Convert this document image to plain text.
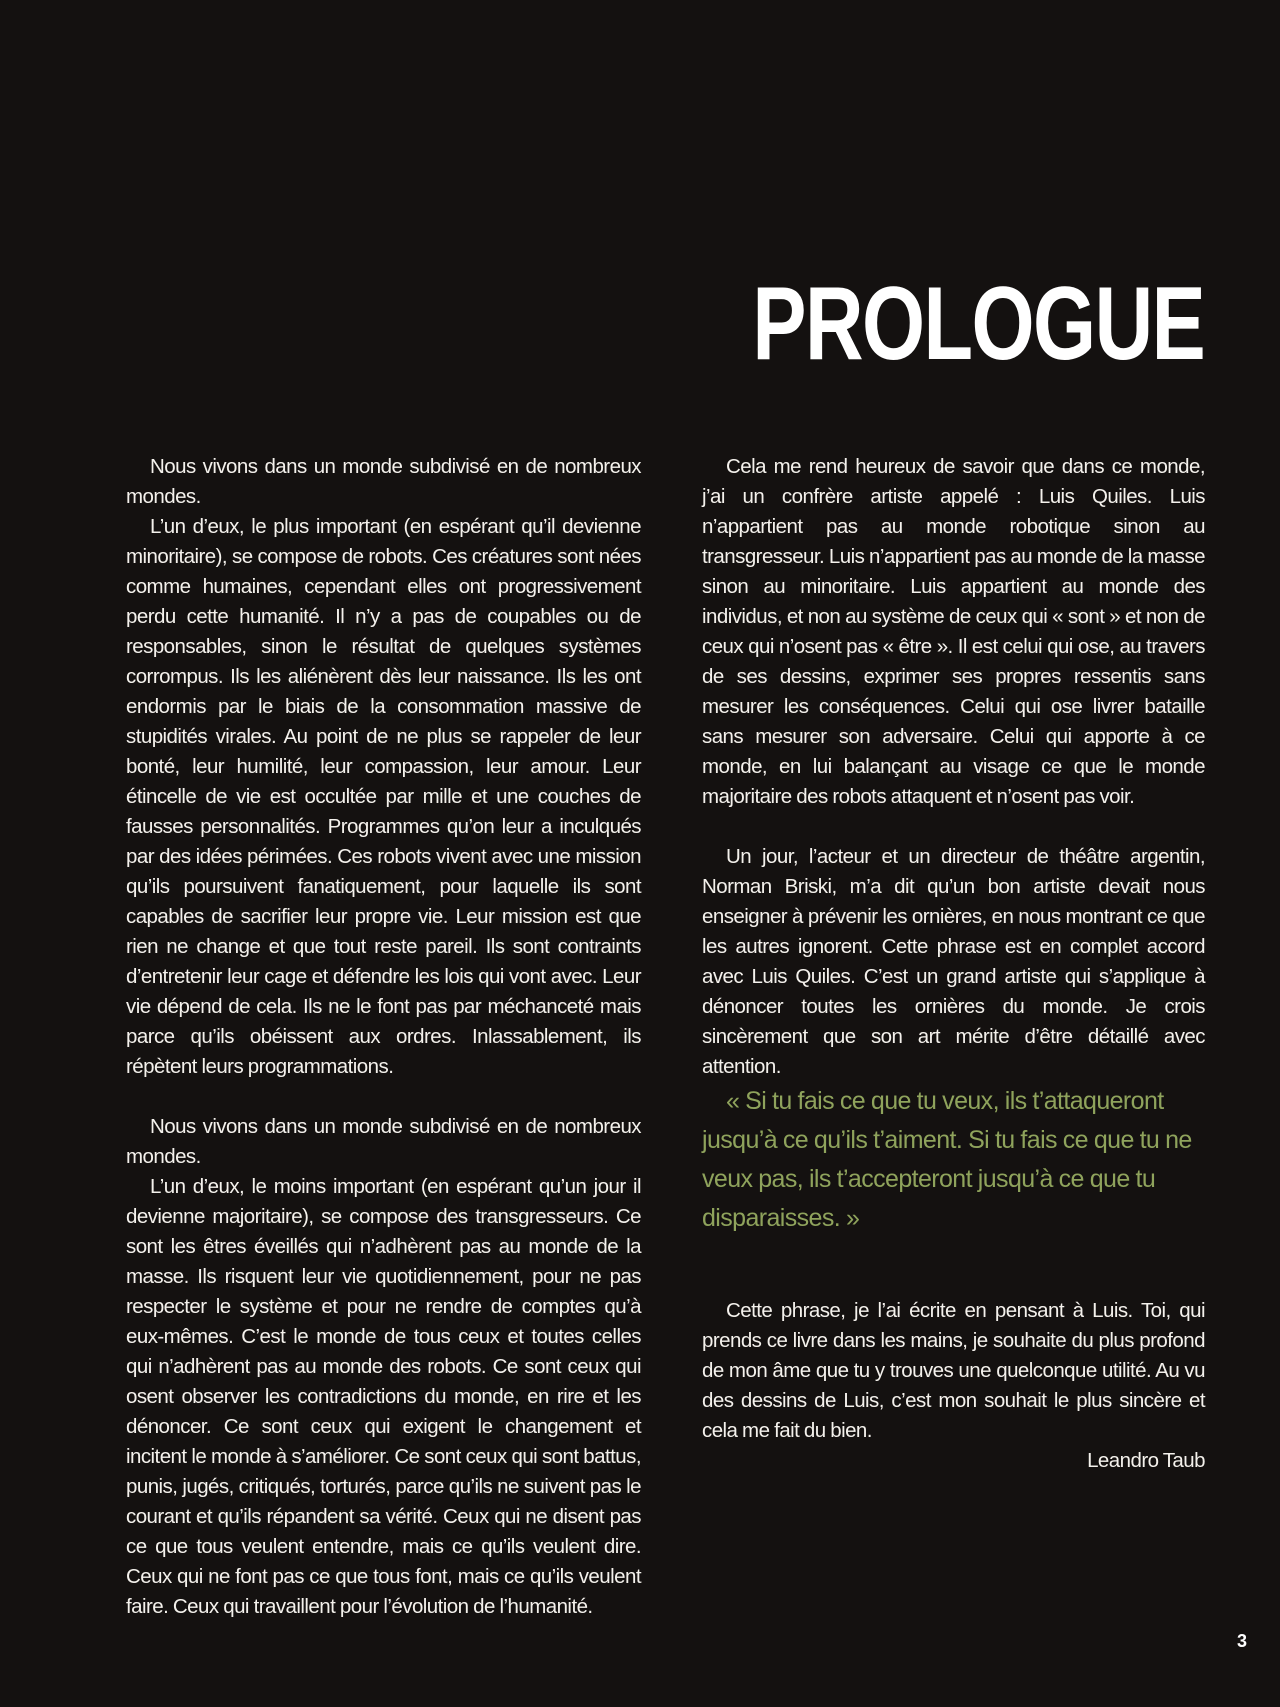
PROLOGUE

Nous vivons dans un monde subdivisé en de nombreux mondes.

L’un d’eux, le plus important (en espérant qu’il devienne minoritaire), se compose de robots. Ces créatures sont nées comme humaines, cependant elles ont progressivement perdu cette humanité. Il n’y a pas de coupables ou de responsables, sinon le résultat de quelques systèmes corrompus. Ils les aliénèrent dès leur naissance. Ils les ont endormis par le biais de la consommation massive de stupidités virales. Au point de ne plus se rappeler de leur bonté, leur humilité, leur compassion, leur amour. Leur étincelle de vie est occultée par mille et une couches de fausses personnalités. Programmes qu’on leur a inculqués par des idées périmées. Ces robots vivent avec une mission qu’ils poursuivent fanatiquement, pour laquelle ils sont capables de sacrifier leur propre vie. Leur mission est que rien ne change et que tout reste pareil. Ils sont contraints d’entretenir leur cage et défendre les lois qui vont avec. Leur vie dépend de cela. Ils ne le font pas par méchanceté mais parce qu’ils obéissent aux ordres. Inlassablement, ils répètent leurs programmations.

Nous vivons dans un monde subdivisé en de nombreux mondes.

L’un d’eux, le moins important (en espérant qu’un jour il devienne majoritaire), se compose des transgresseurs. Ce sont les êtres éveillés qui n’adhèrent pas au monde de la masse. Ils risquent leur vie quotidiennement, pour ne pas respecter le système et pour ne rendre de comptes qu’à eux-mêmes. C’est le monde de tous ceux et toutes celles qui n’adhèrent pas au monde des robots. Ce sont ceux qui osent observer les contradictions du monde, en rire et les dénoncer. Ce sont ceux qui exigent le changement et incitent le monde à s’améliorer. Ce sont ceux qui sont battus, punis, jugés, critiqués, torturés, parce qu’ils ne suivent pas le courant et qu’ils répandent sa vérité. Ceux qui ne disent pas ce que tous veulent entendre, mais ce qu’ils veulent dire. Ceux qui ne font pas ce que tous font, mais ce qu’ils veulent faire. Ceux qui travaillent pour l’évolution de l’humanité.

Cela me rend heureux de savoir que dans ce monde, j’ai un confrère artiste appelé : Luis Quiles. Luis n’appartient pas au monde robotique sinon au transgresseur. Luis n’appartient pas au monde de la masse sinon au minoritaire. Luis appartient au monde des individus, et non au système de ceux qui « sont » et non de ceux qui n’osent pas « être ». Il est celui qui ose, au travers de ses dessins, exprimer ses propres ressentis sans mesurer les conséquences. Celui qui ose livrer bataille sans mesurer son adversaire. Celui qui apporte à ce monde, en lui balançant au visage ce que le monde majoritaire des robots attaquent et n’osent pas voir.

Un jour, l’acteur et un directeur de théâtre argentin, Norman Briski, m’a dit qu’un bon artiste devait nous enseigner à prévenir les ornières, en nous montrant ce que les autres ignorent. Cette phrase est en complet accord avec Luis Quiles. C’est un grand artiste qui s’applique à dénoncer toutes les ornières du monde. Je crois sincèrement que son art mérite d’être détaillé avec attention.

« Si tu fais ce que tu veux, ils t’attaqueront jusqu’à ce qu’ils t’aiment. Si tu fais ce que tu ne veux pas, ils t’accepteront jusqu’à ce que tu disparaisses. »

Cette phrase, je l’ai écrite en pensant à Luis. Toi, qui prends ce livre dans les mains, je souhaite du plus profond de mon âme que tu y trouves une quelconque utilité. Au vu des dessins de Luis, c’est mon souhait le plus sincère et cela me fait du bien.

Leandro Taub

3
